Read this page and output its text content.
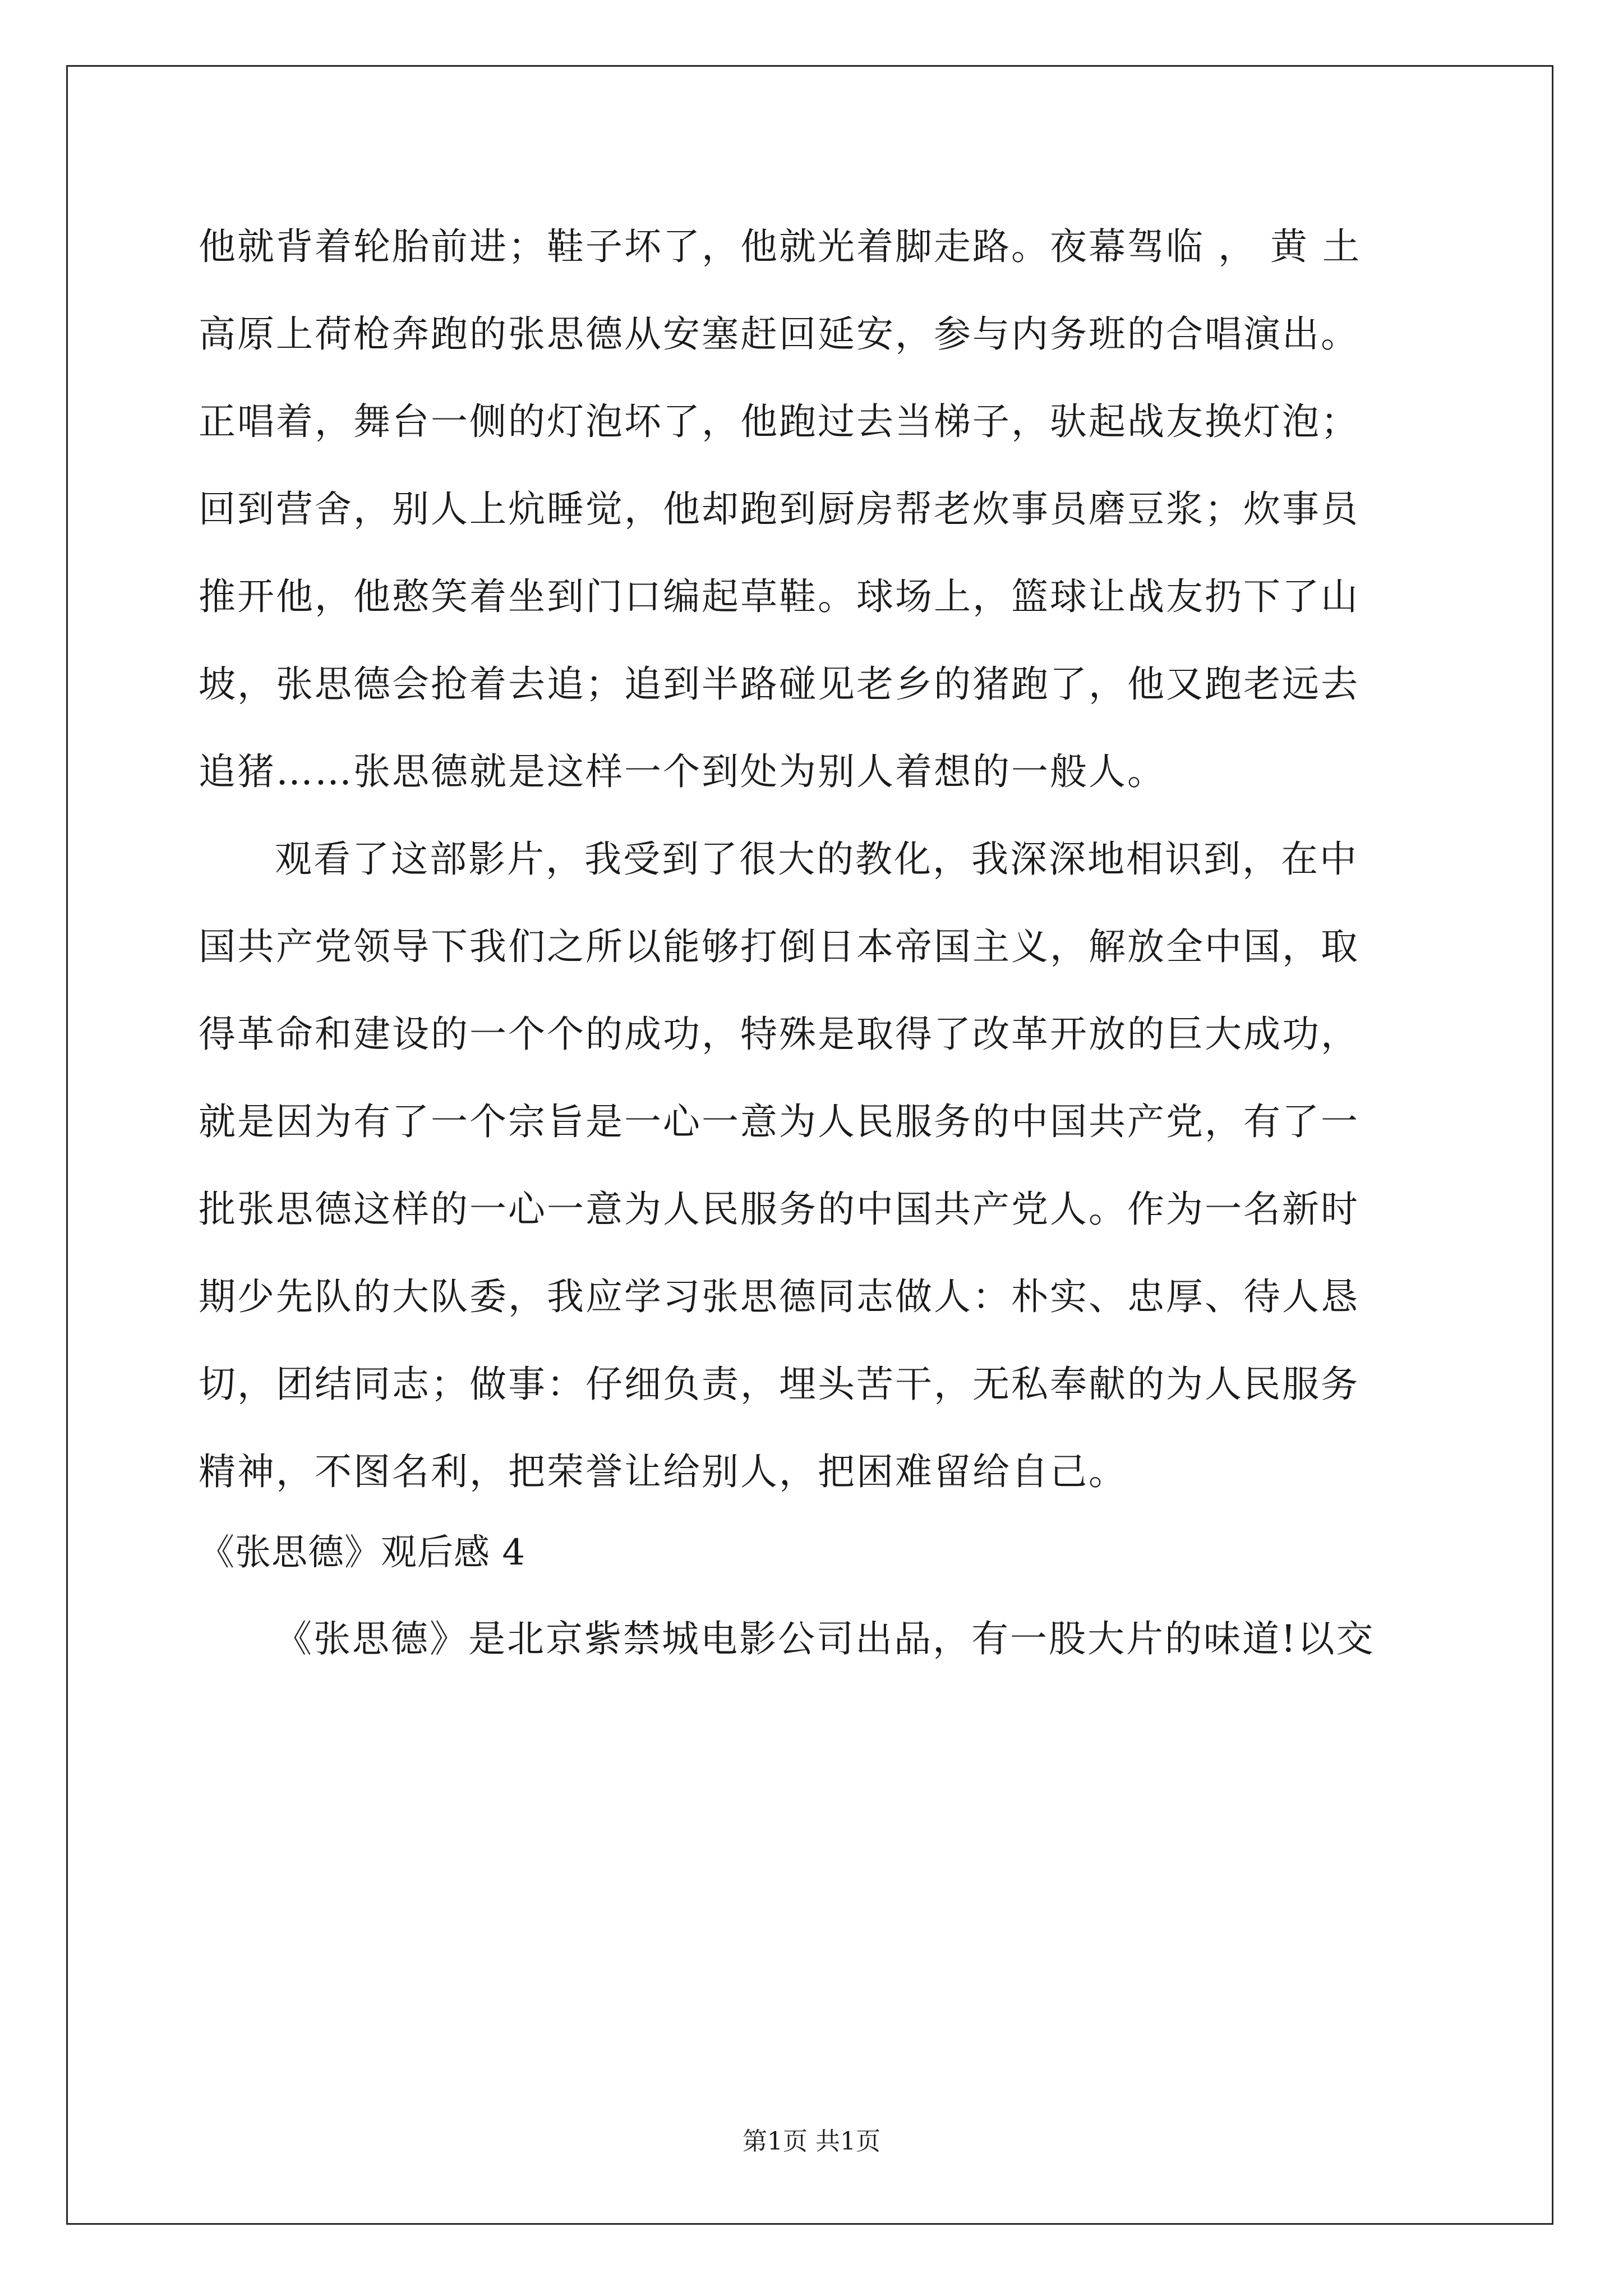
他就背着轮胎前进；鞋子坏了，他就光着脚走路。夜幕驾临 ， 黄 土
高原上荷枪奔跑的张思德从安塞赶回延安，参与内务班的合唱演出。
正唱着，舞台一侧的灯泡坏了，他跑过去当梯子，驮起战友换灯泡；
回到营舍，别人上炕睡觉，他却跑到厨房帮老炊事员磨豆浆；炊事员
推开他，他憨笑着坐到门口编起草鞋。球场上，篮球让战友扔下了山
坡，张思德会抢着去追；追到半路碰见老乡的猪跑了，他又跑老远去
追猪……张思德就是这样一个到处为别人着想的一般人。
观看了这部影片，我受到了很大的教化，我深深地相识到，在中
国共产党领导下我们之所以能够打倒日本帝国主义，解放全中国，取
得革命和建设的一个个的成功，特殊是取得了改革开放的巨大成功，
就是因为有了一个宗旨是一心一意为人民服务的中国共产党，有了一
批张思德这样的一心一意为人民服务的中国共产党人。作为一名新时
期少先队的大队委，我应学习张思德同志做人：朴实、忠厚、待人恳
切，团结同志；做事：仔细负责，埋头苦干，无私奉献的为人民服务
精神，不图名利，把荣誉让给别人，把困难留给自己。
《张思德》观后感 4
《张思德》是北京紫禁城电影公司出品，有一股大片的味道!以交
第1页 共1页
